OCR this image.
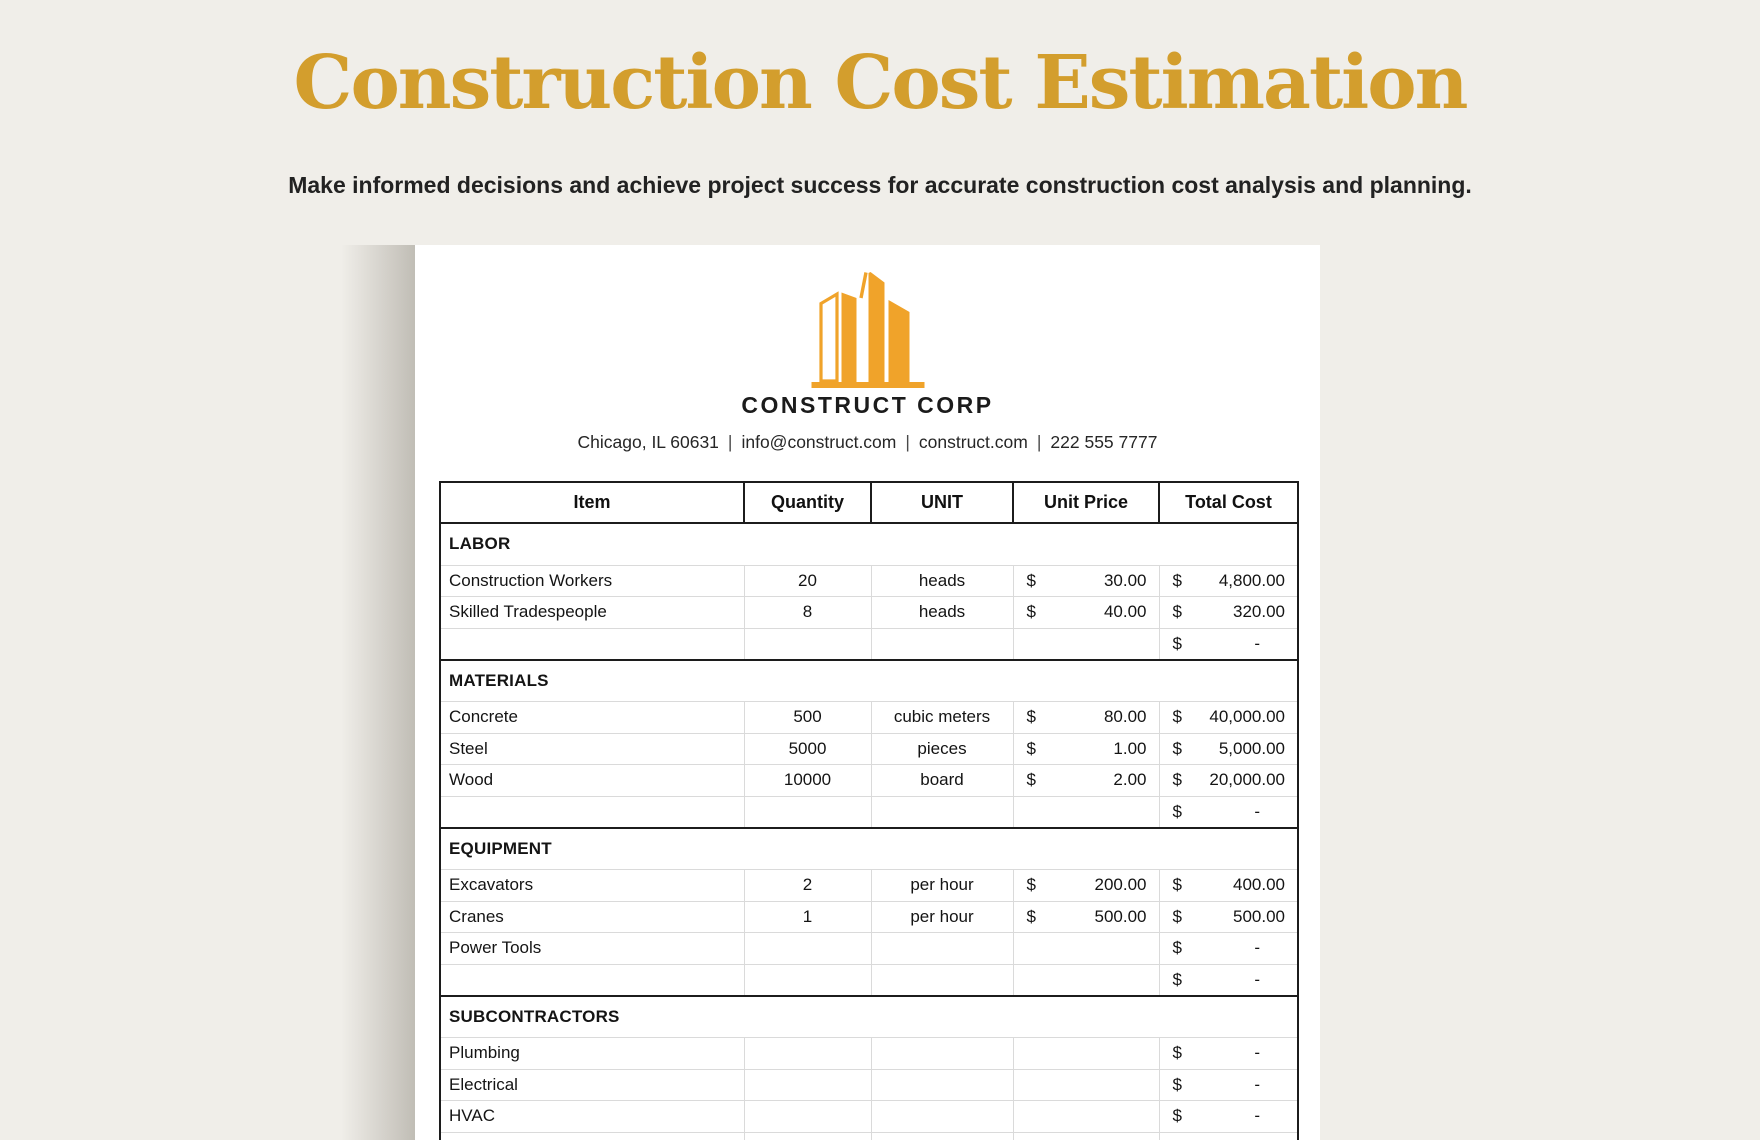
Construction Cost Estimation

Make informed decisions and achieve project success for accurate construction cost analysis and planning.

CONSTRUCT CORP
Chicago, IL 60631 | info@construct.com | construct.com | 222 555 7777
Item	Quantity	UNIT	Unit Price	Total Cost
LABOR				
Construction Workers	20	heads	$ 30.00	$ 4,800.00

Skilled Tradespeople	8	heads	$ 40.00	$ 320.00

				$ -

MATERIALS				
Concrete	500	cubic meters	$ 80.00	$ 40,000.00

Steel	5000	pieces	$ 1.00	$ 5,000.00

Wood	10000	board	$ 2.00	$ 20,000.00

				$ -

EQUIPMENT				
Excavators	2	per hour	$ 200.00	$ 400.00

Cranes	1	per hour	$ 500.00	$ 500.00

Power Tools				$ -

				$ -

SUBCONTRACTORS				
Plumbing				$ -

Electrical				$ -

HVAC				$ -
